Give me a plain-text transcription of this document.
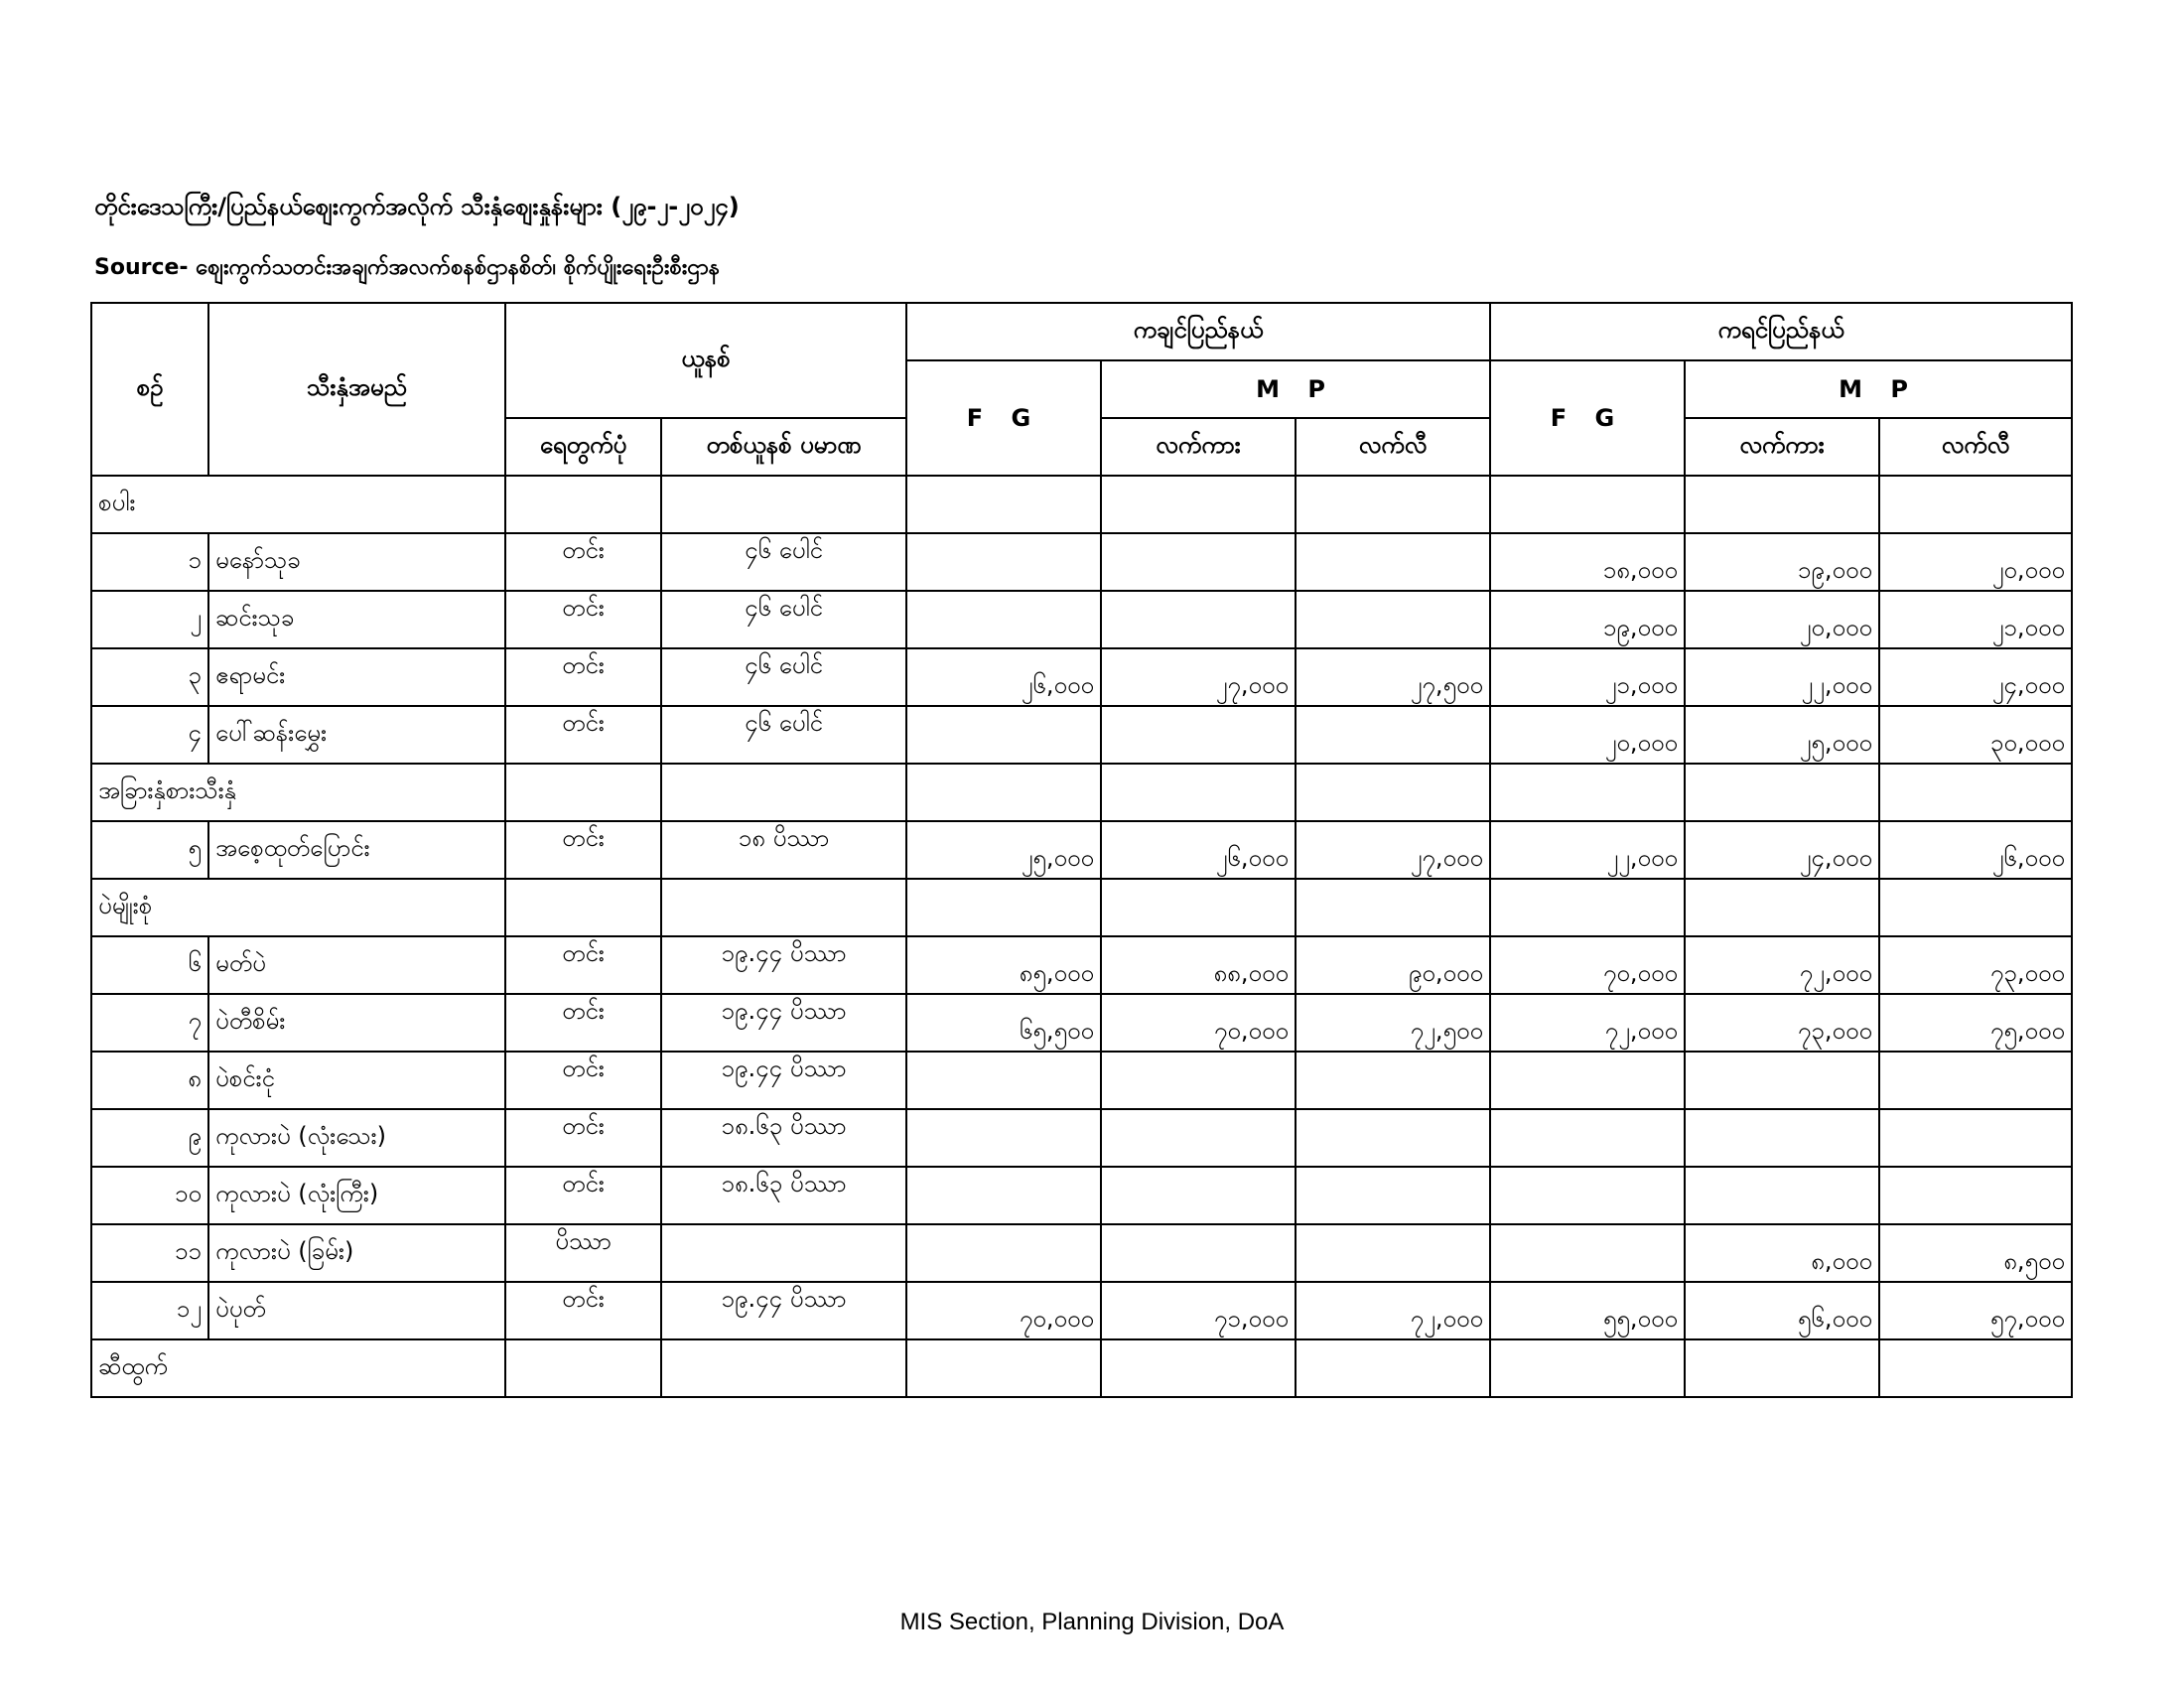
တိုင်းဒေသကြီး/ပြည်နယ်စျေးကွက်အလိုက် သီးနှံစျေးနှုန်းများ (၂၉-၂-၂၀၂၄)
Source- စျေးကွက်သတင်းအချက်အလက်စနစ်ဌာနစိတ်၊ စိုက်ပျိုးရေးဦးစီးဌာန
စဉ်	သီးနှံအမည်	ယူနစ်		ကချင်ပြည်နယ်			ကရင်ပြည်နယ်		
				F G	M P		F G	M P	
		ရေတွက်ပုံ	တစ်ယူနစ် ပမာဏ		လက်ကား	လက်လီ		လက်ကား	လက်လီ
စပါး									
၁	မနော်သုခ	တင်း	၄၆ ပေါင်				၁၈,၀၀၀	၁၉,၀၀၀	၂၀,၀၀၀
၂	ဆင်းသုခ	တင်း	၄၆ ပေါင်				၁၉,၀၀၀	၂၀,၀၀၀	၂၁,၀၀၀
၃	ဧရာမင်း	တင်း	၄၆ ပေါင်	၂၆,၀၀၀	၂၇,၀၀၀	၂၇,၅၀၀	၂၁,၀၀၀	၂၂,၀၀၀	၂၄,၀၀၀
၄	ပေါ်ဆန်းမွှေး	တင်း	၄၆ ပေါင်				၂၀,၀၀၀	၂၅,၀၀၀	၃၀,၀၀၀
အခြားနှံစားသီးနှံ									
၅	အစေ့ထုတ်ပြောင်း	တင်း	၁၈ ပိဿာ	၂၅,၀၀၀	၂၆,၀၀၀	၂၇,၀၀၀	၂၂,၀၀၀	၂၄,၀၀၀	၂၆,၀၀၀
ပဲမျိုးစုံ									
၆	မတ်ပဲ	တင်း	၁၉.၄၄ ပိဿာ	၈၅,၀၀၀	၈၈,၀၀၀	၉၀,၀၀၀	၇၀,၀၀၀	၇၂,၀၀၀	၇၃,၀၀၀
၇	ပဲတီစိမ်း	တင်း	၁၉.၄၄ ပိဿာ	၆၅,၅၀၀	၇၀,၀၀၀	၇၂,၅၀၀	၇၂,၀၀၀	၇၃,၀၀၀	၇၅,၀၀၀
၈	ပဲစင်းငုံ	တင်း	၁၉.၄၄ ပိဿာ						
၉	ကုလားပဲ (လုံးသေး)	တင်း	၁၈.၆၃ ပိဿာ						
၁၀	ကုလားပဲ (လုံးကြီး)	တင်း	၁၈.၆၃ ပိဿာ						
၁၁	ကုလားပဲ (ခြမ်း)	ပိဿာ						၈,၀၀၀	၈,၅၀၀
၁၂	ပဲပုတ်	တင်း	၁၉.၄၄ ပိဿာ	၇၀,၀၀၀	၇၁,၀၀၀	၇၂,၀၀၀	၅၅,၀၀၀	၅၆,၀၀၀	၅၇,၀၀၀
ဆီထွက်									
MIS Section, Planning Division, DoA
